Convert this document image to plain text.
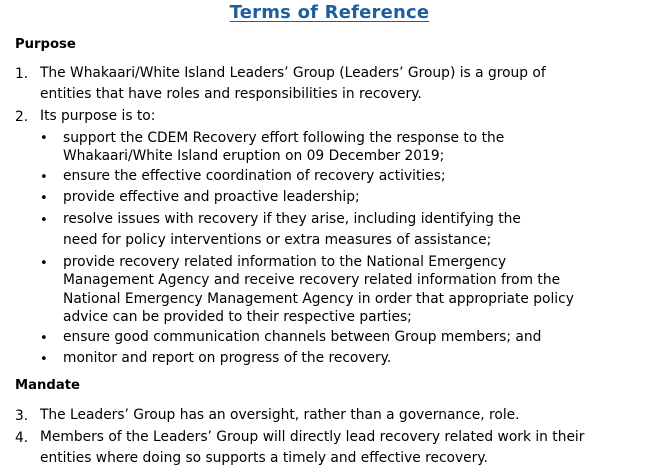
Terms of Reference
Purpose
1. The Whakaari/White Island Leaders’ Group (Leaders’ Group) is a group of
entities that have roles and responsibilities in recovery.
2. Its purpose is to:
• support the CDEM Recovery effort following the response to the
Whakaari/White Island eruption on 09 December 2019;
• ensure the effective coordination of recovery activities;
• provide effective and proactive leadership;
• resolve issues with recovery if they arise, including identifying the
need for policy interventions or extra measures of assistance;
• provide recovery related information to the National Emergency
Management Agency and receive recovery related information from the
National Emergency Management Agency in order that appropriate policy
advice can be provided to their respective parties;
• ensure good communication channels between Group members; and
• monitor and report on progress of the recovery.
Mandate
3. The Leaders’ Group has an oversight, rather than a governance, role.
4. Members of the Leaders’ Group will directly lead recovery related work in their
entities where doing so supports a timely and effective recovery.
